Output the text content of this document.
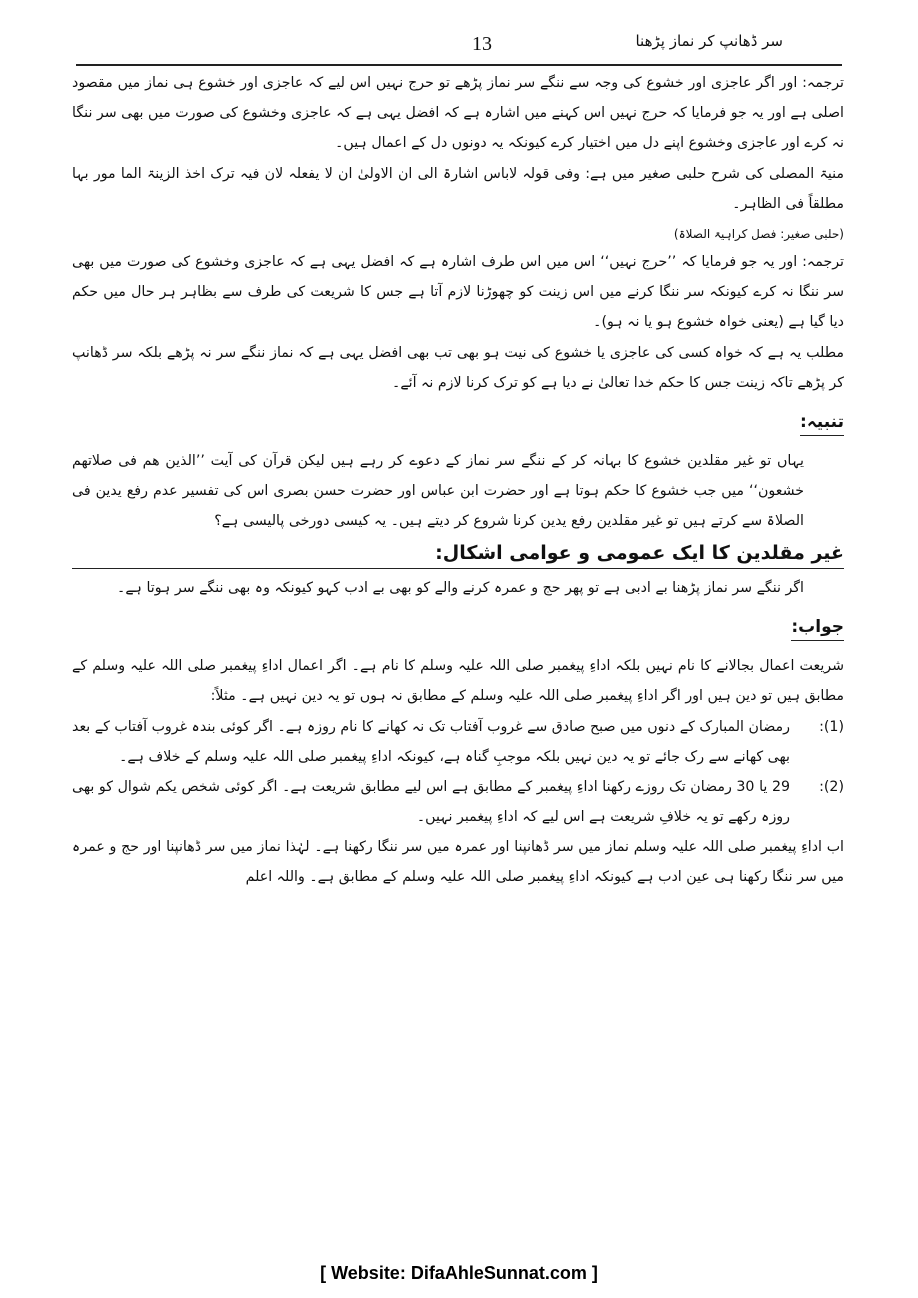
سر ڈھانپ کر نماز پڑھنا
13

ترجمہ: اور اگر عاجزی اور خشوع کی وجہ سے ننگے سر نماز پڑھے تو حرج نہیں اس لیے کہ عاجزی اور خشوع ہی نماز میں مقصود اصلی ہے اور یہ جو فرمایا کہ حرج نہیں اس کہنے میں اشارہ ہے کہ افضل یہی ہے کہ عاجزی وخشوع کی صورت میں بھی سر ننگا نہ کرے اور عاجزی وخشوع اپنے دل میں اختیار کرے کیونکہ یہ دونوں دل کے اعمال ہیں۔

منیۃ المصلی کی شرح حلبی صغیر میں ہے: وفی قولہ لاباس اشارۃ الی ان الاولیٰ ان لا یفعلہ لان فیہ ترک اخذ الزینۃ الما مور بہا مطلقاً فی الظاہر۔

(حلبی صغیر: فصل کراہیۃ الصلاۃ)

ترجمہ: اور یہ جو فرمایا کہ ’’حرج نہیں‘‘ اس میں اس طرف اشارہ ہے کہ افضل یہی ہے کہ عاجزی وخشوع کی صورت میں بھی سر ننگا نہ کرے کیونکہ سر ننگا کرنے میں اس زینت کو چھوڑنا لازم آتا ہے جس کا شریعت کی طرف سے بظاہر ہر حال میں حکم دیا گیا ہے (یعنی خواہ خشوع ہو یا نہ ہو)۔

مطلب یہ ہے کہ خواہ کسی کی عاجزی یا خشوع کی نیت ہو بھی تب بھی افضل یہی ہے کہ نماز ننگے سر نہ پڑھے بلکہ سر ڈھانپ کر پڑھے تاکہ زینت جس کا حکم خدا تعالیٰ نے دیا ہے کو ترک کرنا لازم نہ آئے۔

تنبیہ:

یہاں تو غیر مقلدین خشوع کا بہانہ کر کے ننگے سر نماز کے دعوے کر رہے ہیں لیکن قرآن کی آیت ’’الذین ھم فی صلاتھم خشعون‘‘ میں جب خشوع کا حکم ہوتا ہے اور حضرت ابن عباس اور حضرت حسن بصری اس کی تفسیر عدم رفع یدین فی الصلاۃ سے کرتے ہیں تو غیر مقلدین رفع یدین کرنا شروع کر دیتے ہیں۔ یہ کیسی دورخی پالیسی ہے؟

غیر مقلدین کا ایک عمومی و عوامی اشکال:

اگر ننگے سر نماز پڑھنا بے ادبی ہے تو پھر حج و عمرہ کرنے والے کو بھی بے ادب کہو کیونکہ وہ بھی ننگے سر ہوتا ہے۔

جواب:

شریعت اعمال بجالانے کا نام نہیں بلکہ اداءِ پیغمبر صلی اللہ علیہ وسلم کا نام ہے۔ اگر اعمال اداءِ پیغمبر صلی اللہ علیہ وسلم کے مطابق ہیں تو دین ہیں اور اگر اداءِ پیغمبر صلی اللہ علیہ وسلم کے مطابق نہ ہوں تو یہ دین نہیں ہے۔ مثلاً:

(1):
رمضان المبارک کے دنوں میں صبح صادق سے غروب آفتاب تک نہ کھانے کا نام روزہ ہے۔ اگر کوئی بندہ غروب آفتاب کے بعد بھی کھانے سے رک جائے تو یہ دین نہیں بلکہ موجبِ گناہ ہے، کیونکہ اداءِ پیغمبر صلی اللہ علیہ وسلم کے خلاف ہے۔
(2):
29 یا 30 رمضان تک روزے رکھنا اداءِ پیغمبر کے مطابق ہے اس لیے مطابق شریعت ہے۔ اگر کوئی شخص یکم شوال کو بھی روزہ رکھے تو یہ خلافِ شریعت ہے اس لیے کہ اداءِ پیغمبر نہیں۔

اب اداءِ پیغمبر صلی اللہ علیہ وسلم نماز میں سر ڈھانپنا اور عمرہ میں سر ننگا رکھنا ہے۔ لہٰذا نماز میں سر ڈھانپنا اور حج و عمرہ میں سر ننگا رکھنا ہی عین ادب ہے کیونکہ اداءِ پیغمبر صلی اللہ علیہ وسلم کے مطابق ہے۔ واللہ اعلم

[ Website: DifaAhleSunnat.com ]
